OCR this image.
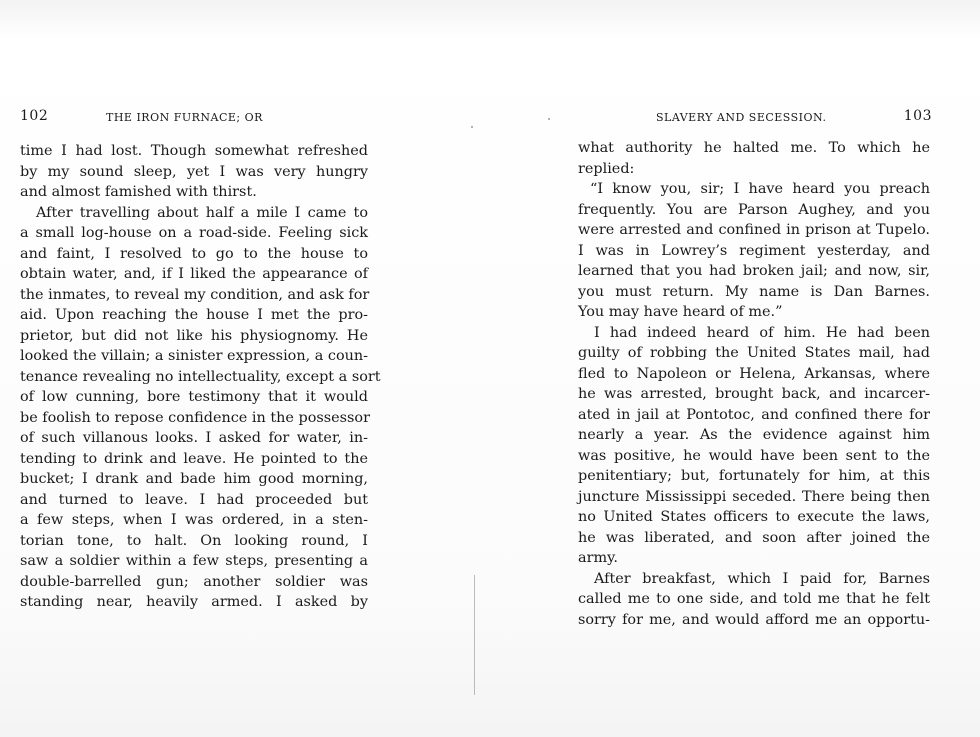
102	THE IRON FURNACE; OR
time I had lost. Though somewhat refreshed
by my sound sleep, yet I was very hungry
and almost famished with thirst.
After travelling about half a mile I came to
a small log-house on a road-side. Feeling sick
and faint, I resolved to go to the house to
obtain water, and, if I liked the appearance of
the inmates, to reveal my condition, and ask for
aid. Upon reaching the house I met the pro-
prietor, but did not like his physiognomy. He
looked the villain; a sinister expression, a coun-
tenance revealing no intellectuality, except a sort
of low cunning, bore testimony that it would
be foolish to repose confidence in the possessor
of such villanous looks. I asked for water, in-
tending to drink and leave. He pointed to the
bucket; I drank and bade him good morning,
and turned to leave. I had proceeded but
a few steps, when I was ordered, in a sten-
torian tone, to halt. On looking round, I
saw a soldier within a few steps, presenting a
double-barrelled gun; another soldier was
standing near, heavily armed. I asked by
SLAVERY AND SECESSION.	103
what authority he halted me. To which he
replied:
“I know you, sir; I have heard you preach
frequently. You are Parson Aughey, and you
were arrested and confined in prison at Tupelo.
I was in Lowrey’s regiment yesterday, and
learned that you had broken jail; and now, sir,
you must return. My name is Dan Barnes.
You may have heard of me.”
I had indeed heard of him. He had been
guilty of robbing the United States mail, had
fled to Napoleon or Helena, Arkansas, where
he was arrested, brought back, and incarcer-
ated in jail at Pontotoc, and confined there for
nearly a year. As the evidence against him
was positive, he would have been sent to the
penitentiary; but, fortunately for him, at this
juncture Mississippi seceded. There being then
no United States officers to execute the laws,
he was liberated, and soon after joined the
army.
After breakfast, which I paid for, Barnes
called me to one side, and told me that he felt
sorry for me, and would afford me an opportu-
